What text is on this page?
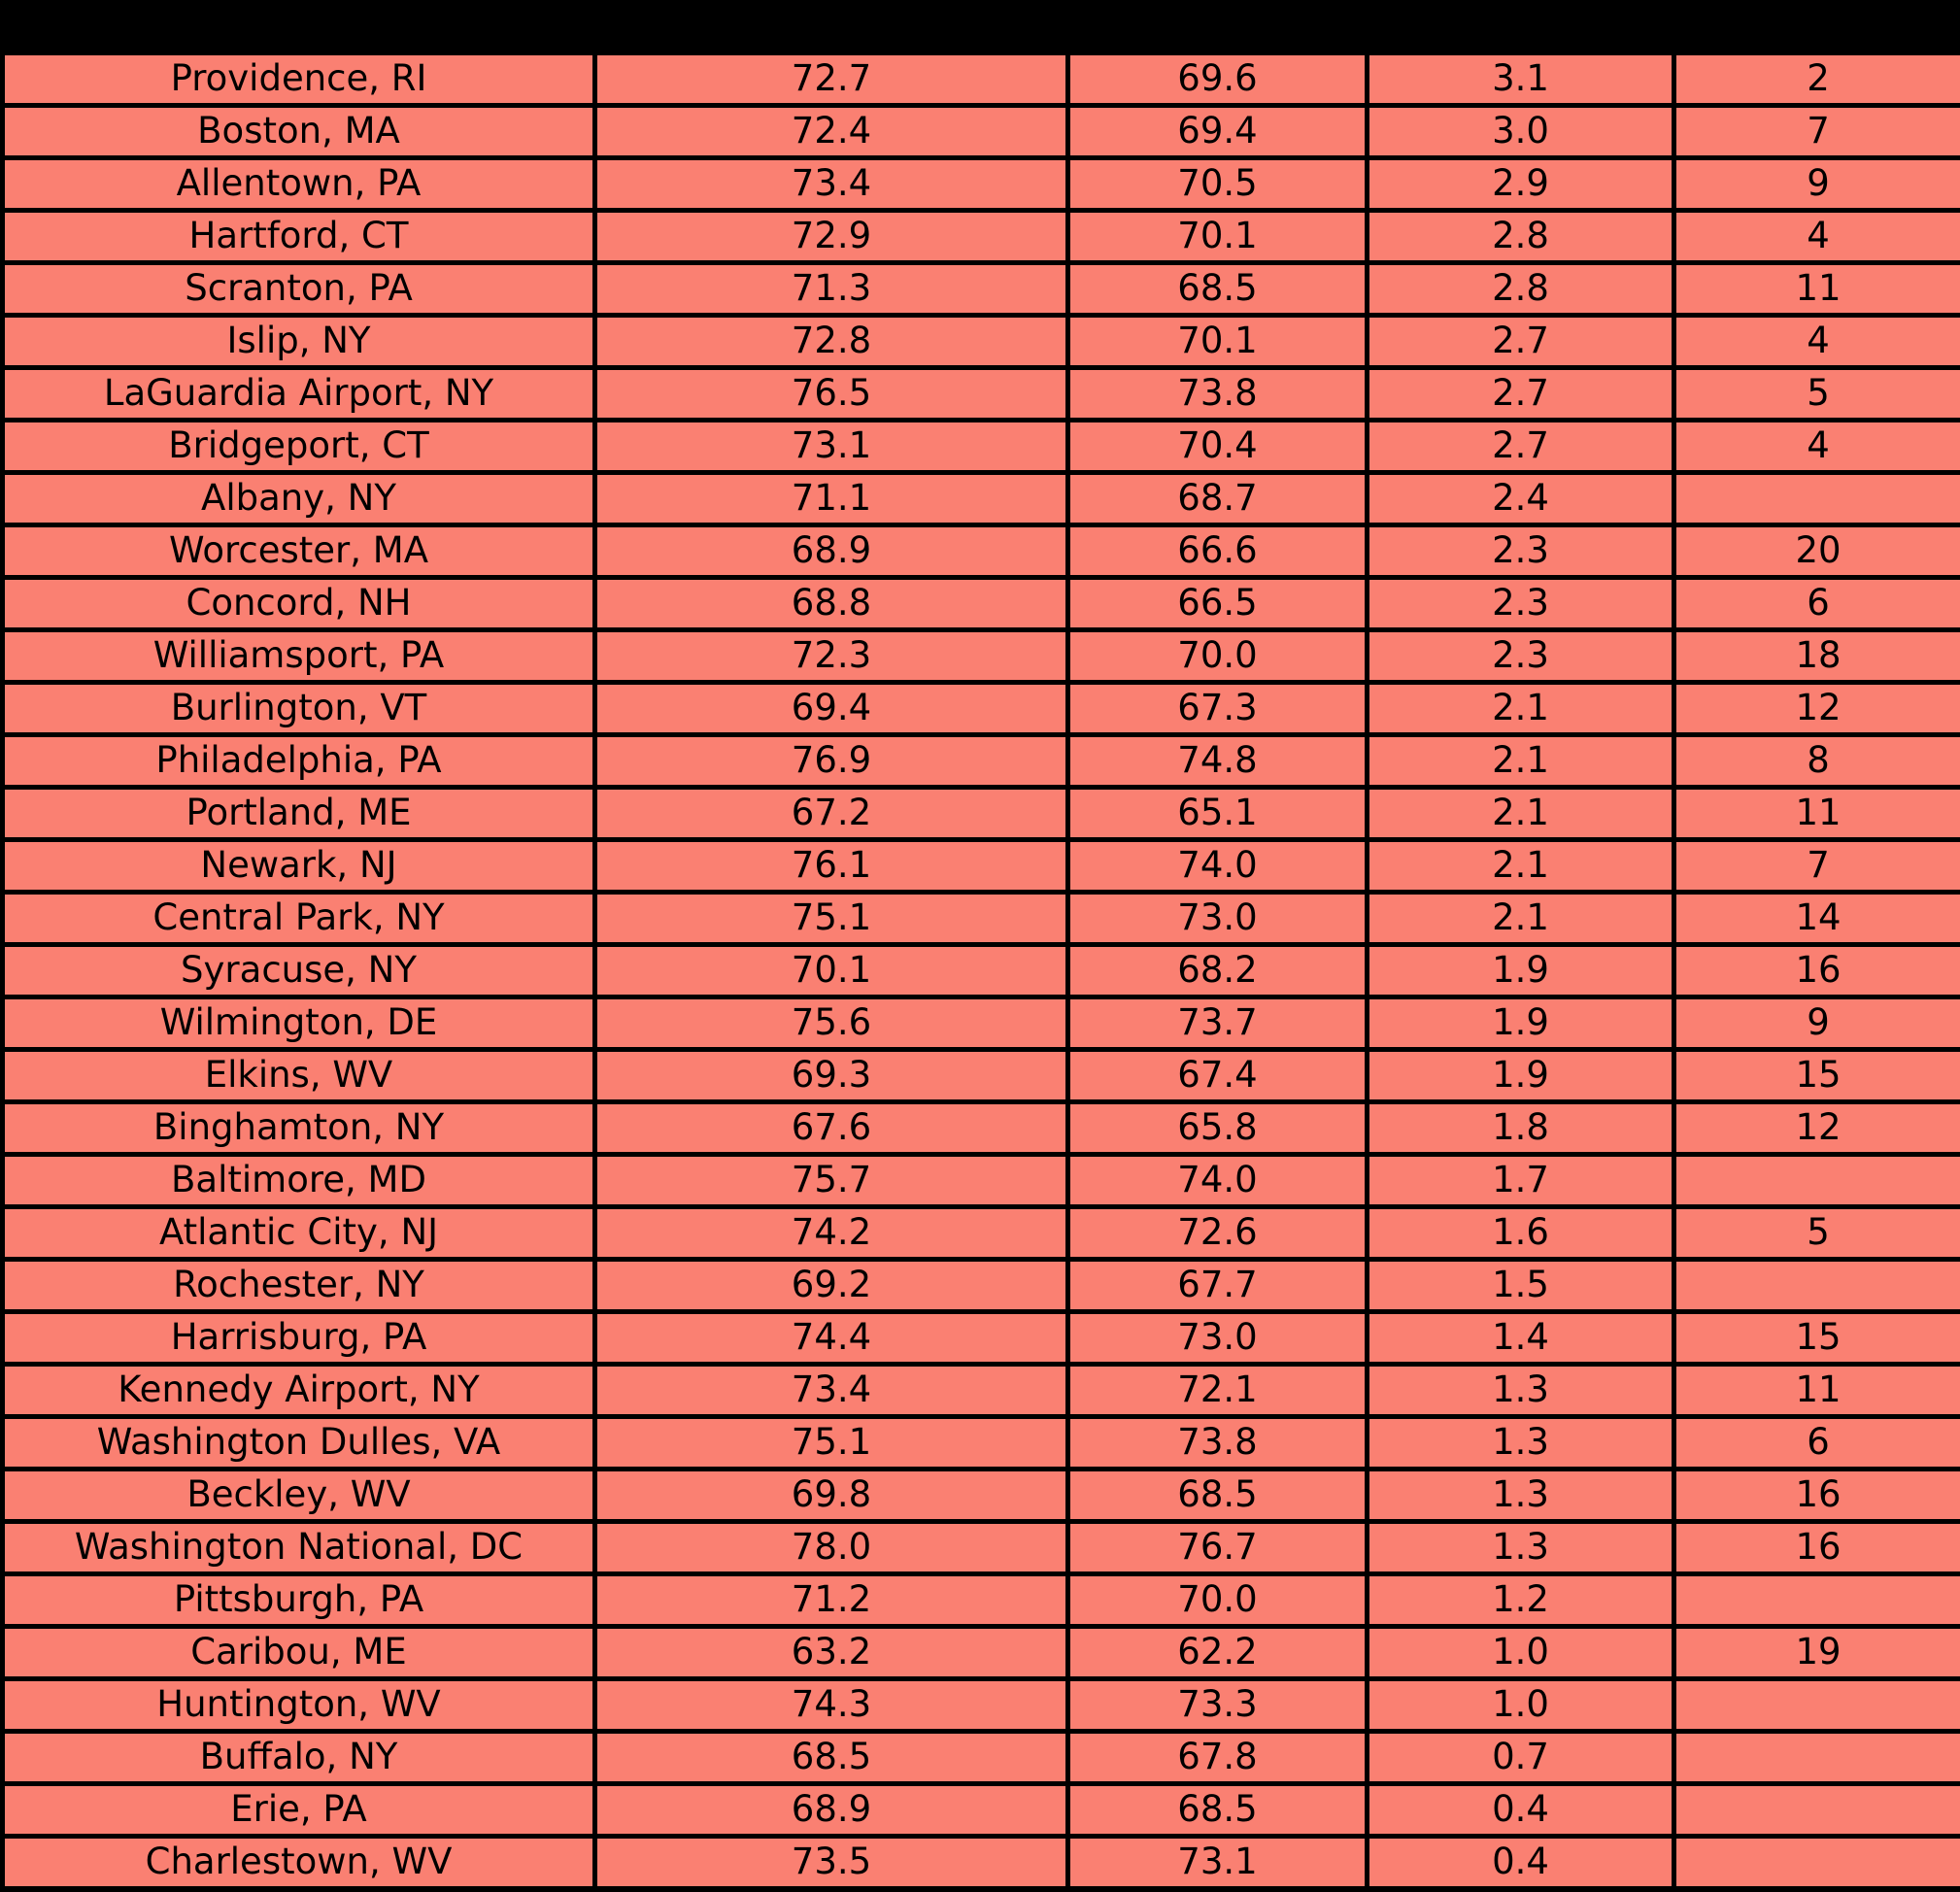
Providence, RI	72.7	69.6	3.1	2
Boston, MA	72.4	69.4	3.0	7
Allentown, PA	73.4	70.5	2.9	9
Hartford, CT	72.9	70.1	2.8	4
Scranton, PA	71.3	68.5	2.8	11
Islip, NY	72.8	70.1	2.7	4
LaGuardia Airport, NY	76.5	73.8	2.7	5
Bridgeport, CT	73.1	70.4	2.7	4
Albany, NY	71.1	68.7	2.4	
Worcester, MA	68.9	66.6	2.3	20
Concord, NH	68.8	66.5	2.3	6
Williamsport, PA	72.3	70.0	2.3	18
Burlington, VT	69.4	67.3	2.1	12
Philadelphia, PA	76.9	74.8	2.1	8
Portland, ME	67.2	65.1	2.1	11
Newark, NJ	76.1	74.0	2.1	7
Central Park, NY	75.1	73.0	2.1	14
Syracuse, NY	70.1	68.2	1.9	16
Wilmington, DE	75.6	73.7	1.9	9
Elkins, WV	69.3	67.4	1.9	15
Binghamton, NY	67.6	65.8	1.8	12
Baltimore, MD	75.7	74.0	1.7	
Atlantic City, NJ	74.2	72.6	1.6	5
Rochester, NY	69.2	67.7	1.5	
Harrisburg, PA	74.4	73.0	1.4	15
Kennedy Airport, NY	73.4	72.1	1.3	11
Washington Dulles, VA	75.1	73.8	1.3	6
Beckley, WV	69.8	68.5	1.3	16
Washington National, DC	78.0	76.7	1.3	16
Pittsburgh, PA	71.2	70.0	1.2	
Caribou, ME	63.2	62.2	1.0	19
Huntington, WV	74.3	73.3	1.0	
Buffalo, NY	68.5	67.8	0.7	
Erie, PA	68.9	68.5	0.4	
Charlestown, WV	73.5	73.1	0.4	
